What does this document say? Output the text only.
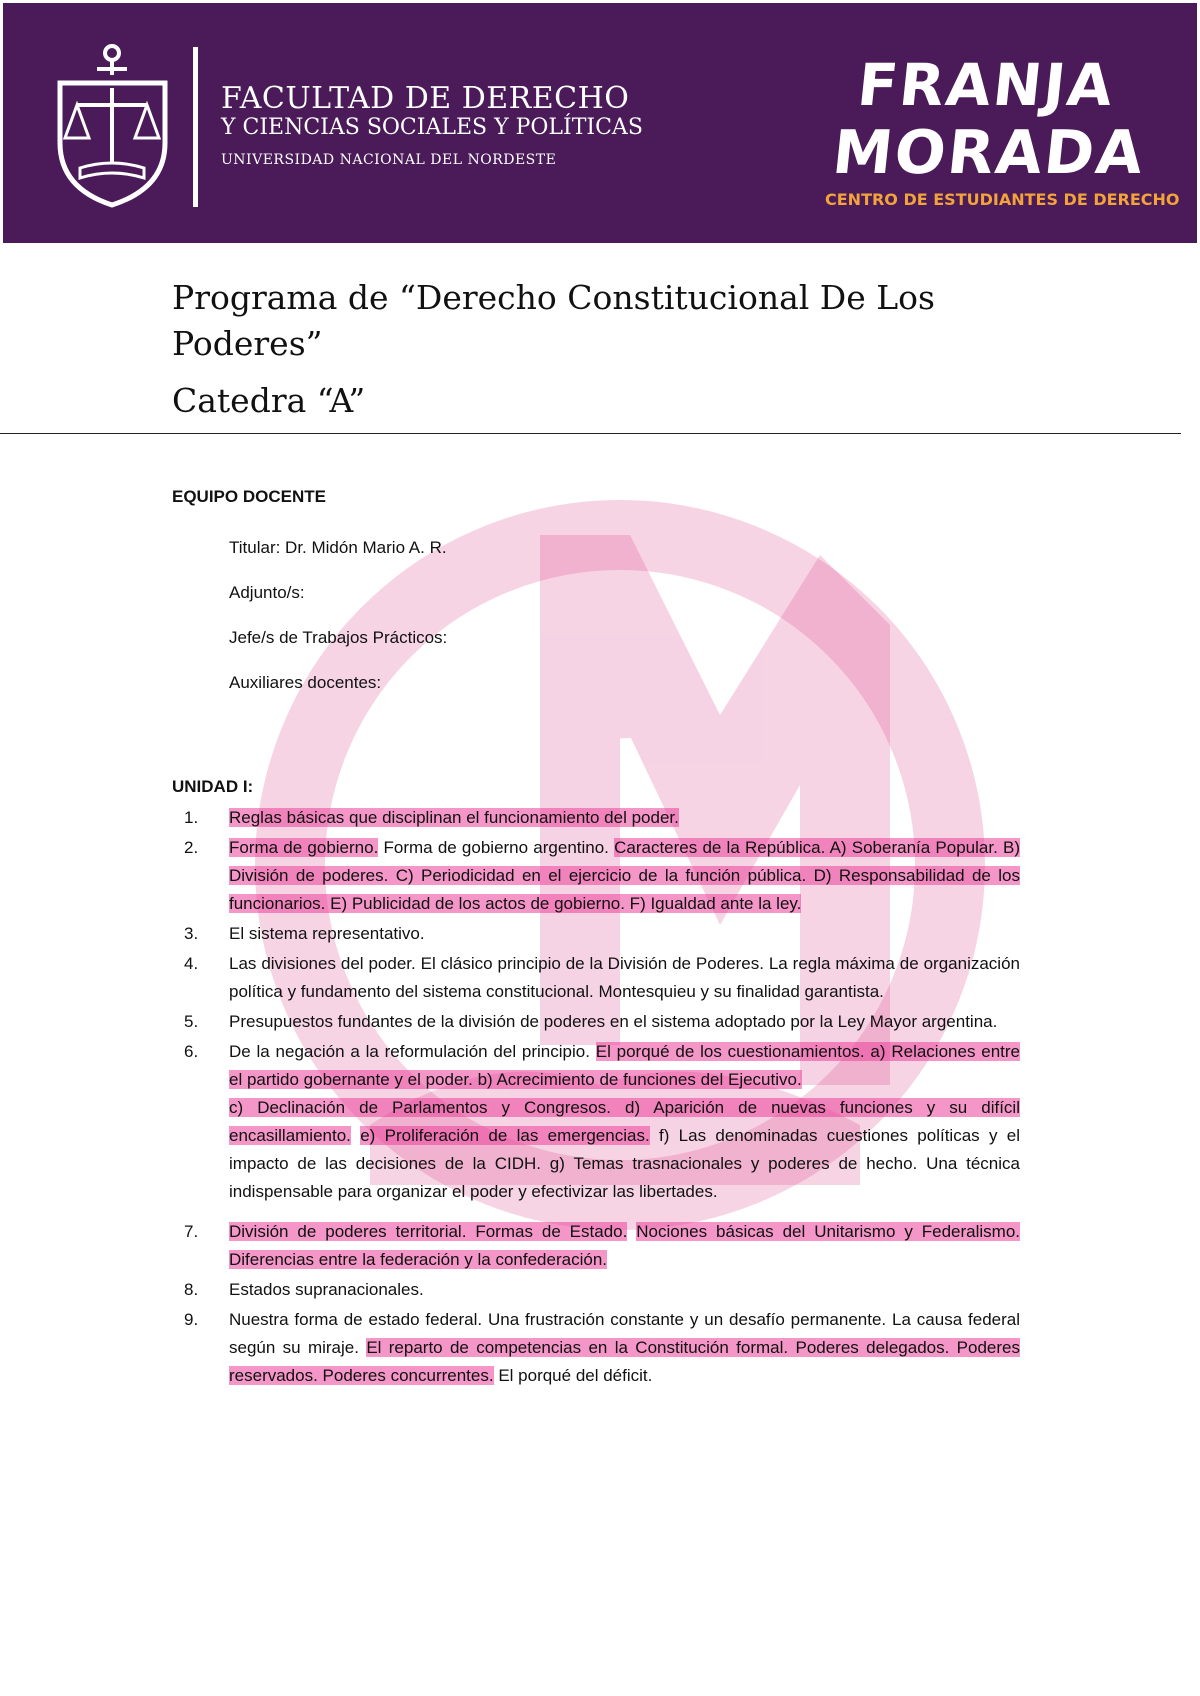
FACULTAD DE DERECHO
Y CIENCIAS SOCIALES Y POLÍTICAS
UNIVERSIDAD NACIONAL DEL NORDESTE
FRANJA
MORADA
CENTRO DE ESTUDIANTES DE DERECHO
Programa de “Derecho Constitucional De Los Poderes”
Catedra “A”
EQUIPO DOCENTE
Titular: Dr. Midón Mario A. R.
Adjunto/s:
Jefe/s de Trabajos Prácticos:
Auxiliares docentes:
UNIDAD I:
1. Reglas básicas que disciplinan el funcionamiento del poder.
2. Forma de gobierno. Forma de gobierno argentino. Caracteres de la República. A) Soberanía Popular. B) División de poderes. C) Periodicidad en el ejercicio de la función pública. D) Responsabilidad de los funcionarios. E) Publicidad de los actos de gobierno. F) Igualdad ante la ley.
3. El sistema representativo.
4. Las divisiones del poder. El clásico principio de la División de Poderes. La regla máxima de organización política y fundamento del sistema constitucional. Montesquieu y su finalidad garantista.
5. Presupuestos fundantes de la división de poderes en el sistema adoptado por la Ley Mayor argentina.
6. De la negación a la reformulación del principio. El porqué de los cuestionamientos. a) Relaciones entre el partido gobernante y el poder. b) Acrecimiento de funciones del Ejecutivo.
c) Declinación de Parlamentos y Congresos. d) Aparición de nuevas funciones y su difícil encasillamiento. e) Proliferación de las emergencias. f) Las denominadas cuestiones políticas y el impacto de las decisiones de la CIDH. g) Temas trasnacionales y poderes de hecho. Una técnica indispensable para organizar el poder y efectivizar las libertades.
7. División de poderes territorial. Formas de Estado. Nociones básicas del Unitarismo y Federalismo. Diferencias entre la federación y la confederación.
8. Estados supranacionales.
9. Nuestra forma de estado federal. Una frustración constante y un desafío permanente. La causa federal según su miraje. El reparto de competencias en la Constitución formal. Poderes delegados. Poderes reservados. Poderes concurrentes. El porqué del déficit.
